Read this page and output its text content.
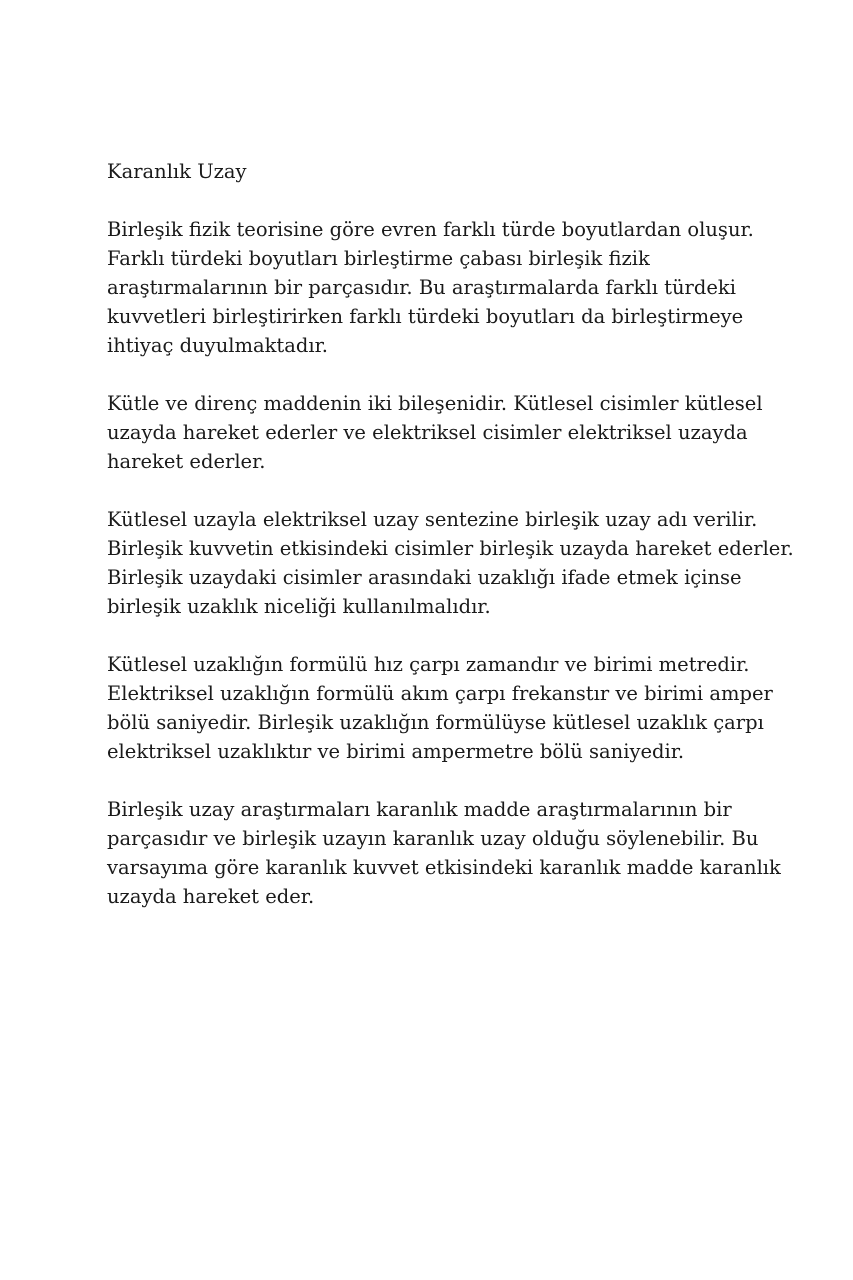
Karanlık Uzay

Birleşik fizik teorisine göre evren farklı türde boyutlardan oluşur.
Farklı türdeki boyutları birleştirme çabası birleşik fizik
araştırmalarının bir parçasıdır. Bu araştırmalarda farklı türdeki
kuvvetleri birleştirirken farklı türdeki boyutları da birleştirmeye
ihtiyaç duyulmaktadır.

Kütle ve direnç maddenin iki bileşenidir. Kütlesel cisimler kütlesel
uzayda hareket ederler ve elektriksel cisimler elektriksel uzayda
hareket ederler.

Kütlesel uzayla elektriksel uzay sentezine birleşik uzay adı verilir.
Birleşik kuvvetin etkisindeki cisimler birleşik uzayda hareket ederler.
Birleşik uzaydaki cisimler arasındaki uzaklığı ifade etmek içinse
birleşik uzaklık niceliği kullanılmalıdır.

Kütlesel uzaklığın formülü hız çarpı zamandır ve birimi metredir.
Elektriksel uzaklığın formülü akım çarpı frekanstır ve birimi amper
bölü saniyedir. Birleşik uzaklığın formülüyse kütlesel uzaklık çarpı
elektriksel uzaklıktır ve birimi ampermetre bölü saniyedir.

Birleşik uzay araştırmaları karanlık madde araştırmalarının bir
parçasıdır ve birleşik uzayın karanlık uzay olduğu söylenebilir. Bu
varsayıma göre karanlık kuvvet etkisindeki karanlık madde karanlık
uzayda hareket eder.
